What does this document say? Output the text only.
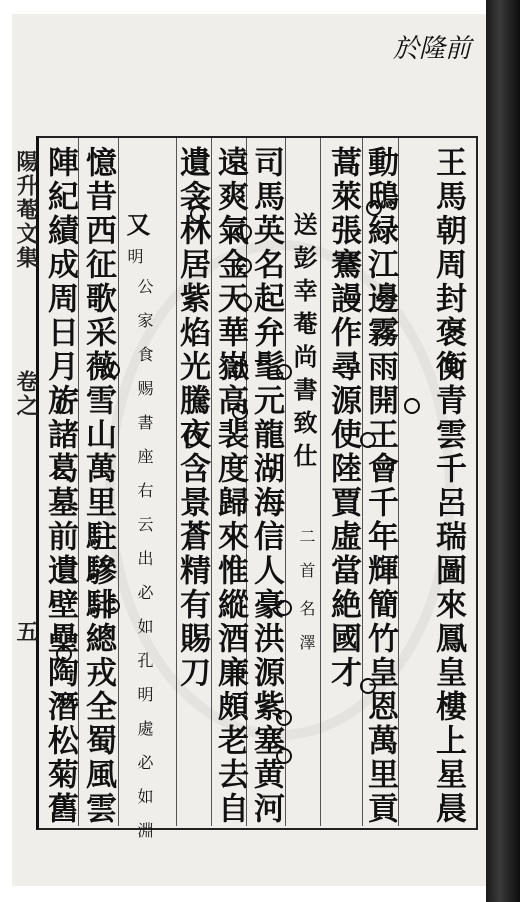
於隆前
王馬朝周封褒衡青雲千呂瑞圖來鳳皇樓上星晨
動鴟緑江邊霧雨開王會千年輝簡竹皇恩萬里貢
蒿萊張騫謾作尋源使陸賈虛當絶國才
送彭幸菴尚書致仕
二首
名澤
司馬英名起弁髦元龍湖海信人豪洪源紫塞黄河
遠爽氣金天華嶽高裴度歸來惟縱酒廉頗老去自
遺衾林居紫焰光騰夜含景蒼精有賜刀
又
明
公家食赐書座右云出必如孔明處必如淵
憶昔西征歌采薇雪山萬里駐驂騑總戎全蜀風雲
陣紀績成周日月旂諸葛墓前遺壁壘陶潛松菊舊
陽升菴文集
卷之
五
